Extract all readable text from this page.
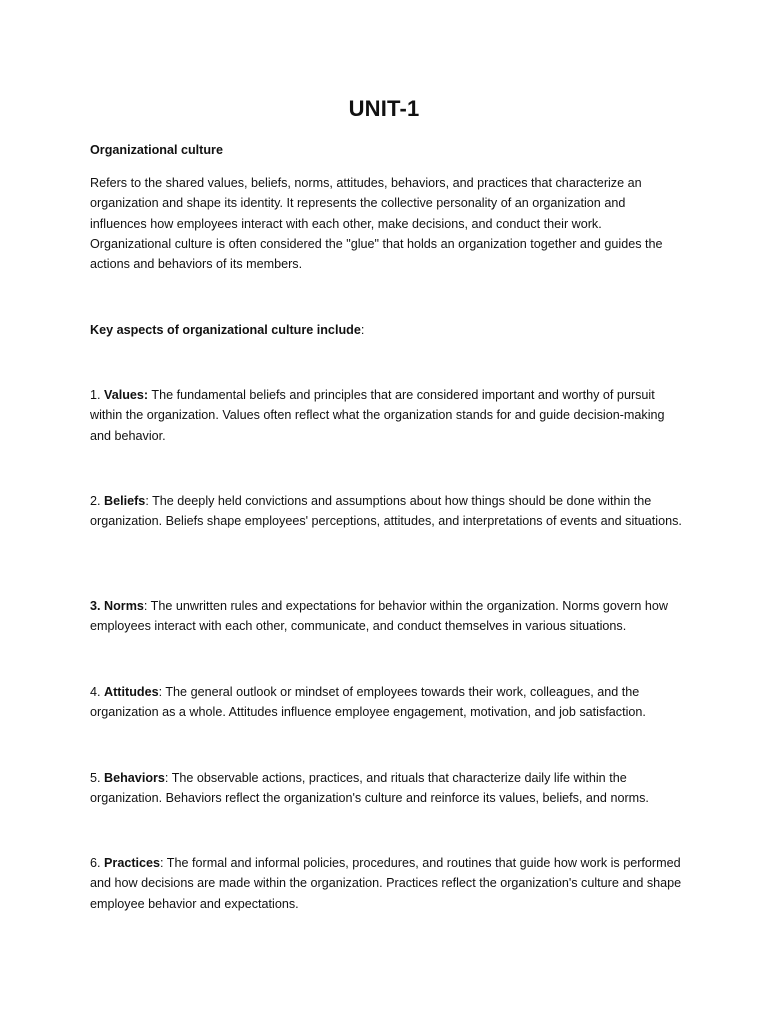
UNIT-1
Organizational culture
Refers to the shared values, beliefs, norms, attitudes, behaviors, and practices that characterize an organization and shape its identity. It represents the collective personality of an organization and influences how employees interact with each other, make decisions, and conduct their work. Organizational culture is often considered the "glue" that holds an organization together and guides the actions and behaviors of its members.
Key aspects of organizational culture include:
1. Values: The fundamental beliefs and principles that are considered important and worthy of pursuit within the organization. Values often reflect what the organization stands for and guide decision-making and behavior.
2. Beliefs: The deeply held convictions and assumptions about how things should be done within the organization. Beliefs shape employees' perceptions, attitudes, and interpretations of events and situations.
3. Norms: The unwritten rules and expectations for behavior within the organization. Norms govern how employees interact with each other, communicate, and conduct themselves in various situations.
4. Attitudes: The general outlook or mindset of employees towards their work, colleagues, and the organization as a whole. Attitudes influence employee engagement, motivation, and job satisfaction.
5. Behaviors: The observable actions, practices, and rituals that characterize daily life within the organization. Behaviors reflect the organization's culture and reinforce its values, beliefs, and norms.
6. Practices: The formal and informal policies, procedures, and routines that guide how work is performed and how decisions are made within the organization. Practices reflect the organization's culture and shape employee behavior and expectations.
